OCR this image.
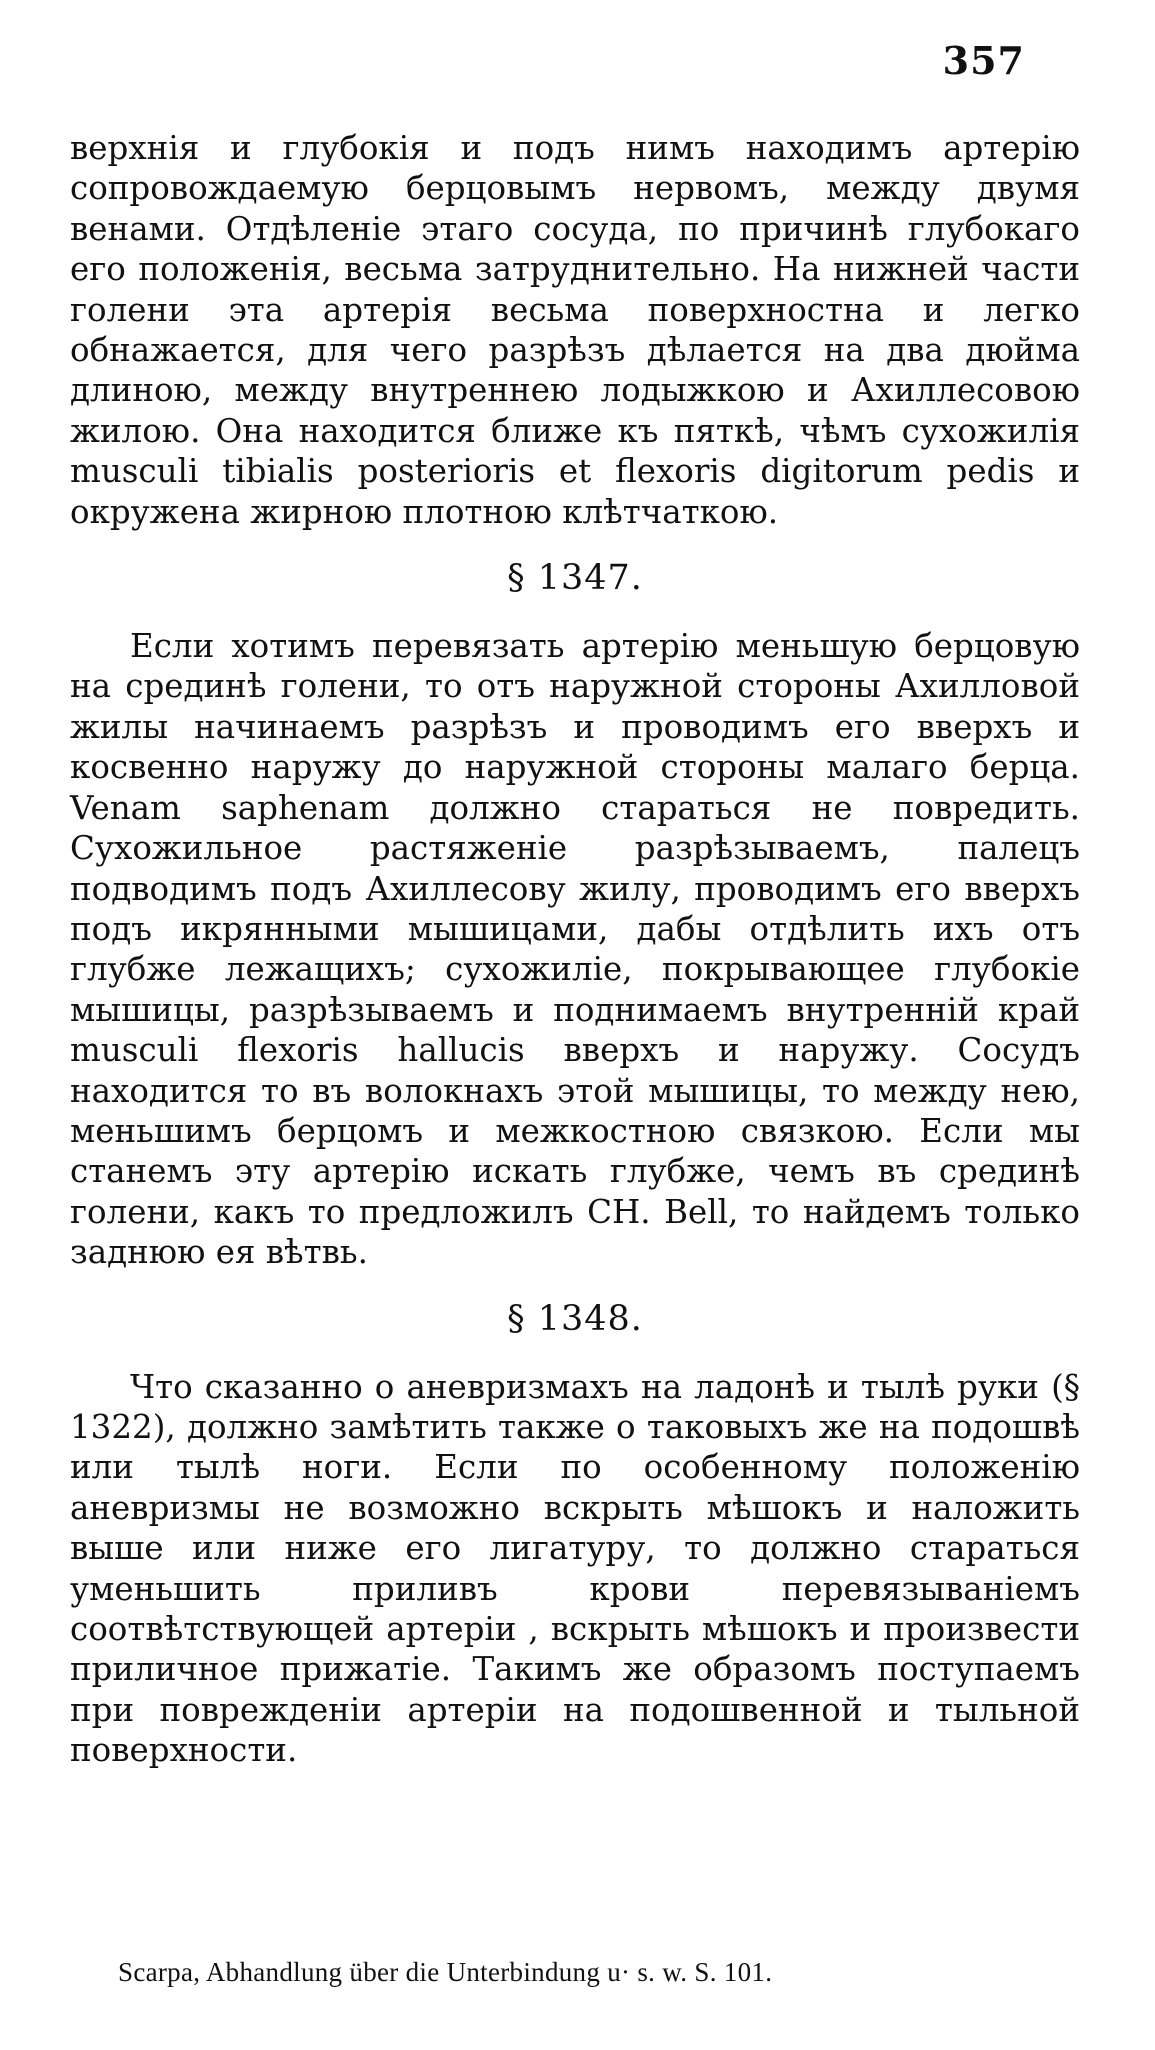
357

верхнія и глубокія и подъ нимъ находимъ артерію сопровождаемую берцовымъ нервомъ, между двумя венами. Отдѣленіе этаго сосуда, по причинѣ глубокаго его положенія, весьма затруднительно. На нижней части голени эта артерія весьма поверхностна и легко обнажается, для чего разрѣзъ дѣлается на два дюйма длиною, между внутреннею лодыжкою и Ахиллесовою жилою. Она находится ближе къ пяткѣ, чѣмъ сухожилія musculi tibialis posterioris et flexoris digitorum pedis и окружена жирною плотною клѣтчаткою.

§ 1347.

Если хотимъ перевязать артерію меньшую берцовую на срединѣ голени, то отъ наружной стороны Ахилловой жилы начинаемъ разрѣзъ и проводимъ его вверхъ и косвенно наружу до наружной стороны малаго берца. Venam saphenam должно стараться не повредить. Сухожильное растяженіе разрѣзываемъ, палецъ подводимъ подъ Ахиллесову жилу, проводимъ его вверхъ подъ икрянными мышицами, дабы отдѣлить ихъ отъ глубже лежащихъ; сухожиліе, покрывающее глубокіе мышицы, разрѣзываемъ и поднимаемъ внутренній край musculi flexoris hallucis вверхъ и наружу. Сосудъ находится то въ волокнахъ этой мышицы, то между нею, меньшимъ берцомъ и межкостною связкою. Если мы станемъ эту артерію искать глубже, чемъ въ срединѣ голени, какъ то предложилъ CH. Bell, то найдемъ только заднюю ея вѣтвь.

§ 1348.

Что сказанно о аневризмахъ на ладонѣ и тылѣ руки (§ 1322), должно замѣтить также о таковыхъ же на подошвѣ или тылѣ ноги. Если по особенному положенію аневризмы не возможно вскрыть мѣшокъ и наложить выше или ниже его лигатуру, то должно стараться уменьшить приливъ крови перевязываніемъ соотвѣтствующей артеріи , вскрыть мѣшокъ и произвести приличное прижатіе. Такимъ же образомъ поступаемъ при поврежденіи артеріи на подошвенной и тыльной поверхности.

Scarpa, Abhandlung über die Unterbindung u· s. w. S. 101.
